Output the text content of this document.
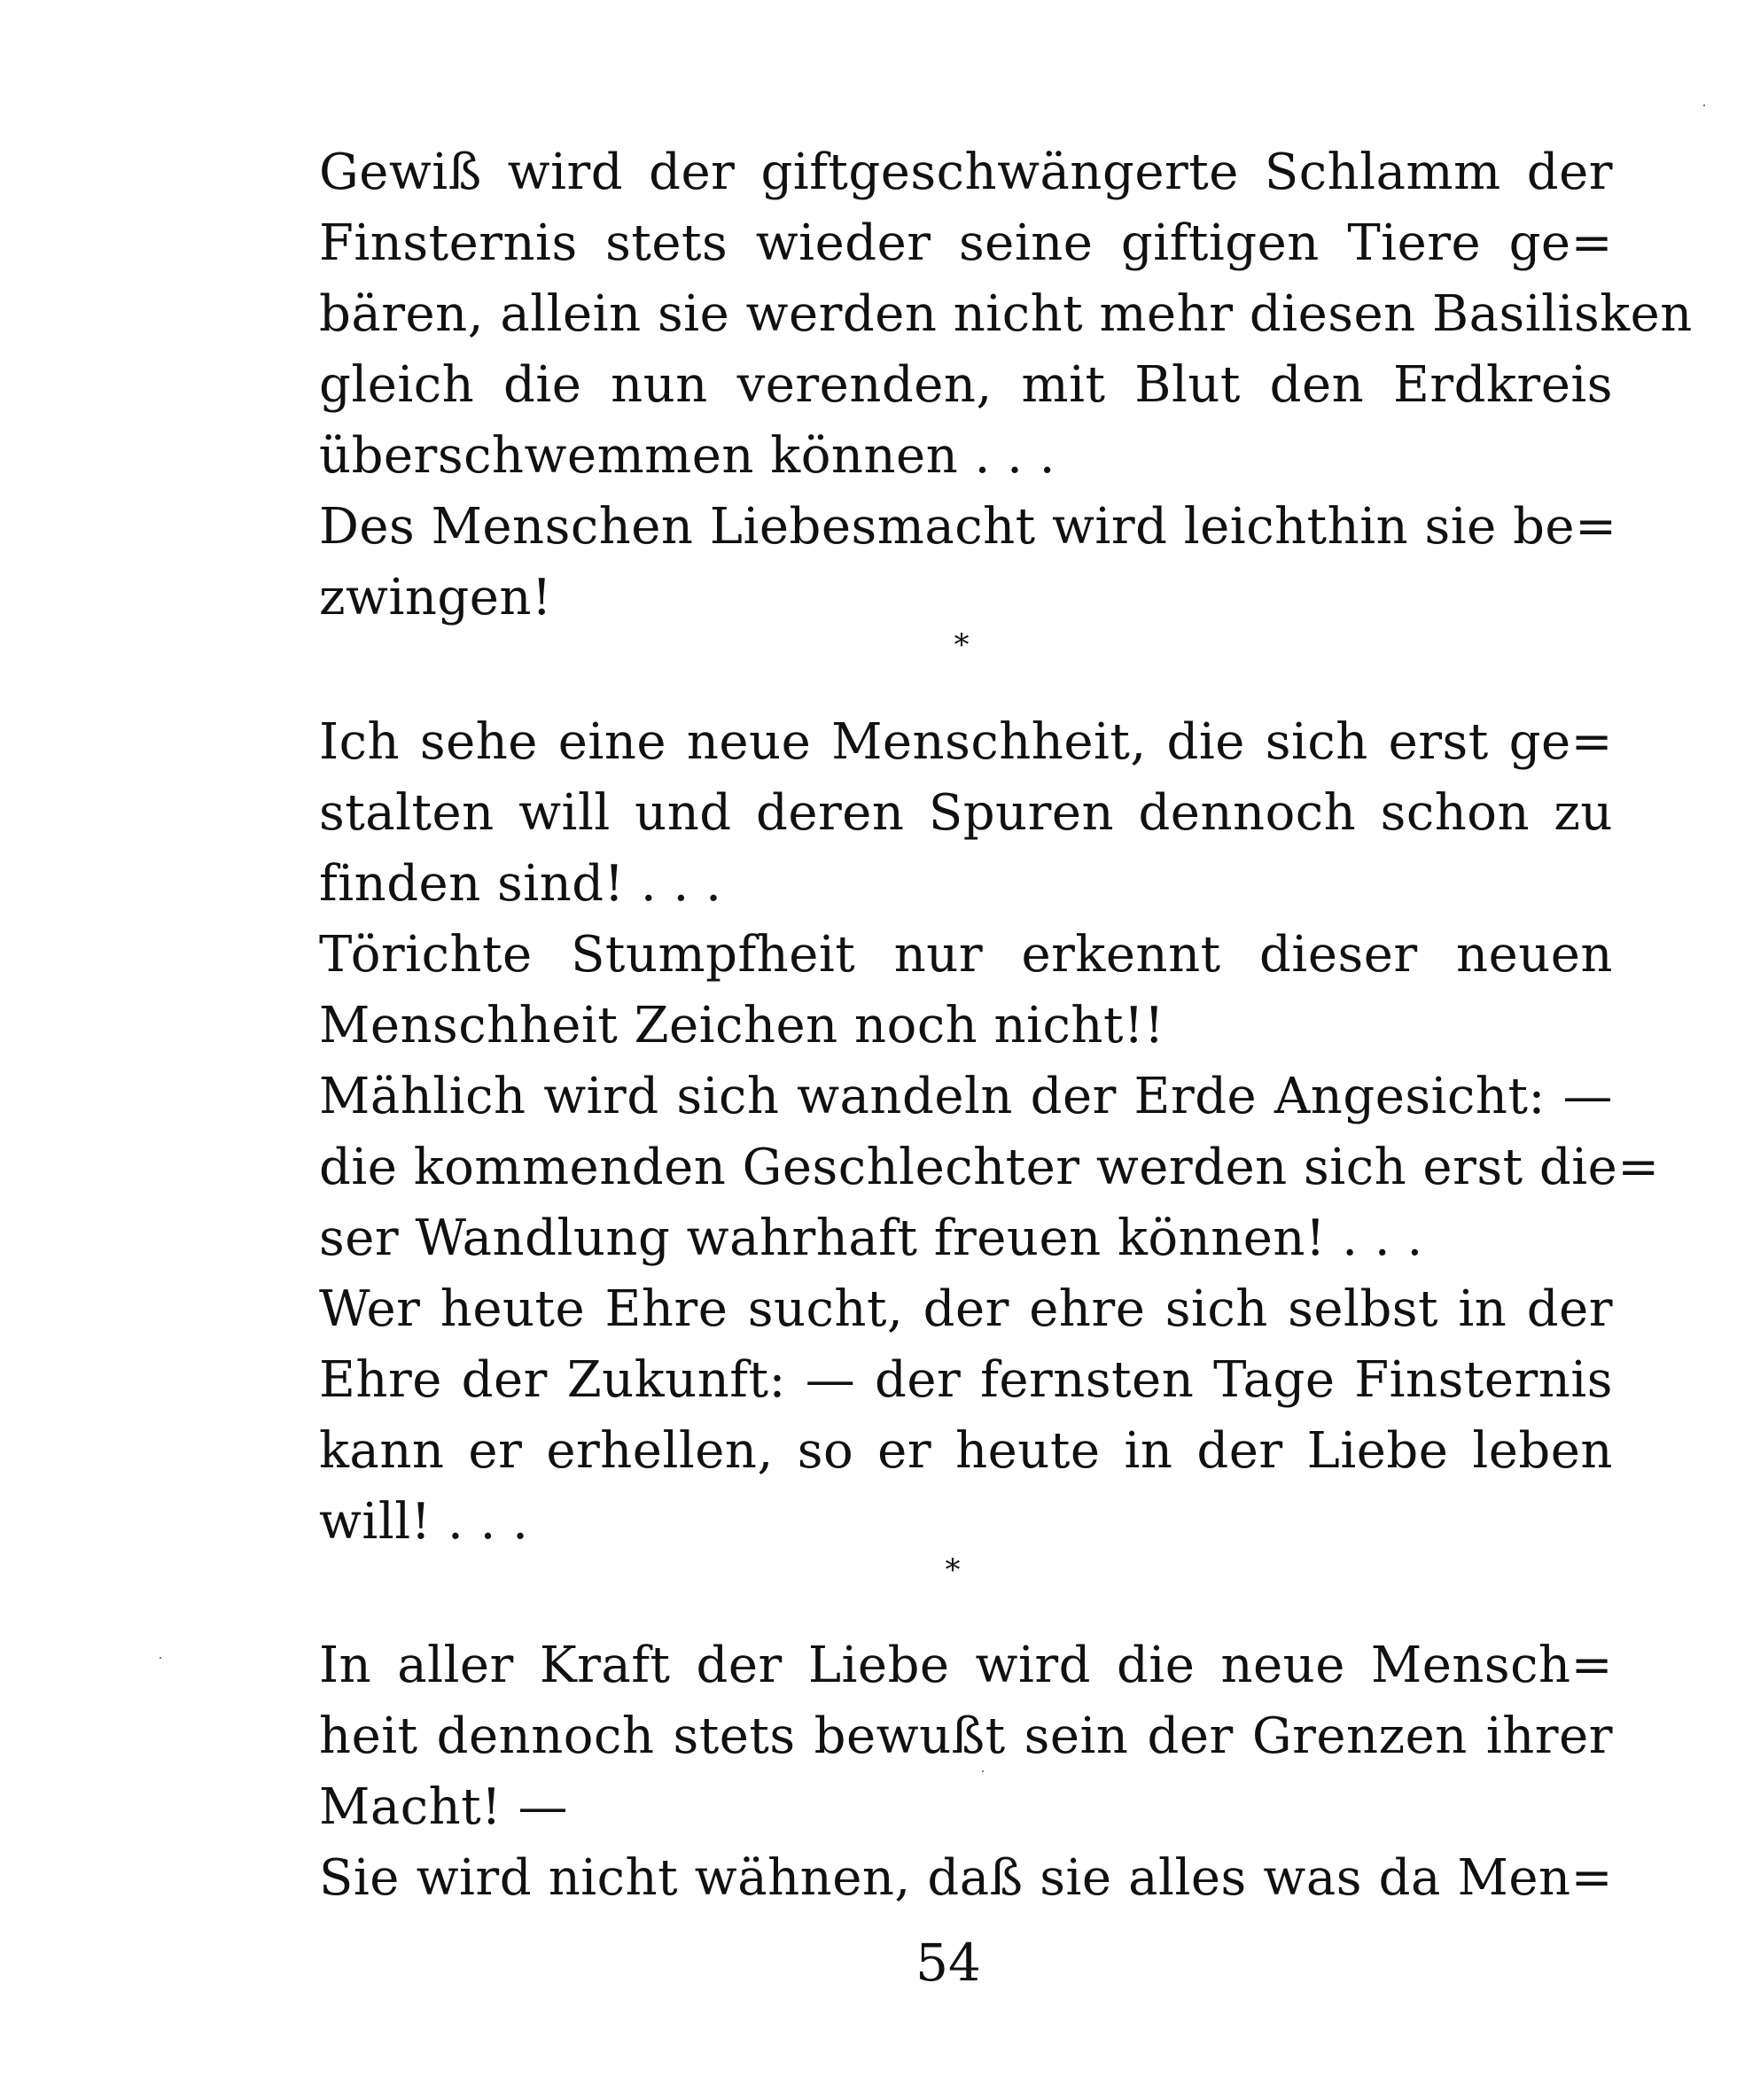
Gewiß wird der giftgeschwängerte Schlamm der
Finsternis stets wieder seine giftigen Tiere ge=
bären, allein sie werden nicht mehr diesen Basilisken
gleich die nun verenden, mit Blut den Erdkreis
überschwemmen können . . .
Des Menschen Liebesmacht wird leichthin sie be=
zwingen!
*
Ich sehe eine neue Menschheit, die sich erst ge=
stalten will und deren Spuren dennoch schon zu
finden sind! . . .
Törichte Stumpfheit nur erkennt dieser neuen
Menschheit Zeichen noch nicht!!
Mählich wird sich wandeln der Erde Angesicht: —
die kommenden Geschlechter werden sich erst die=
ser Wandlung wahrhaft freuen können! . . .
Wer heute Ehre sucht, der ehre sich selbst in der
Ehre der Zukunft: — der fernsten Tage Finsternis
kann er erhellen, so er heute in der Liebe leben
will! . . .
*
In aller Kraft der Liebe wird die neue Mensch=
heit dennoch stets bewußt sein der Grenzen ihrer
Macht! —
Sie wird nicht wähnen, daß sie alles was da Men=
54
